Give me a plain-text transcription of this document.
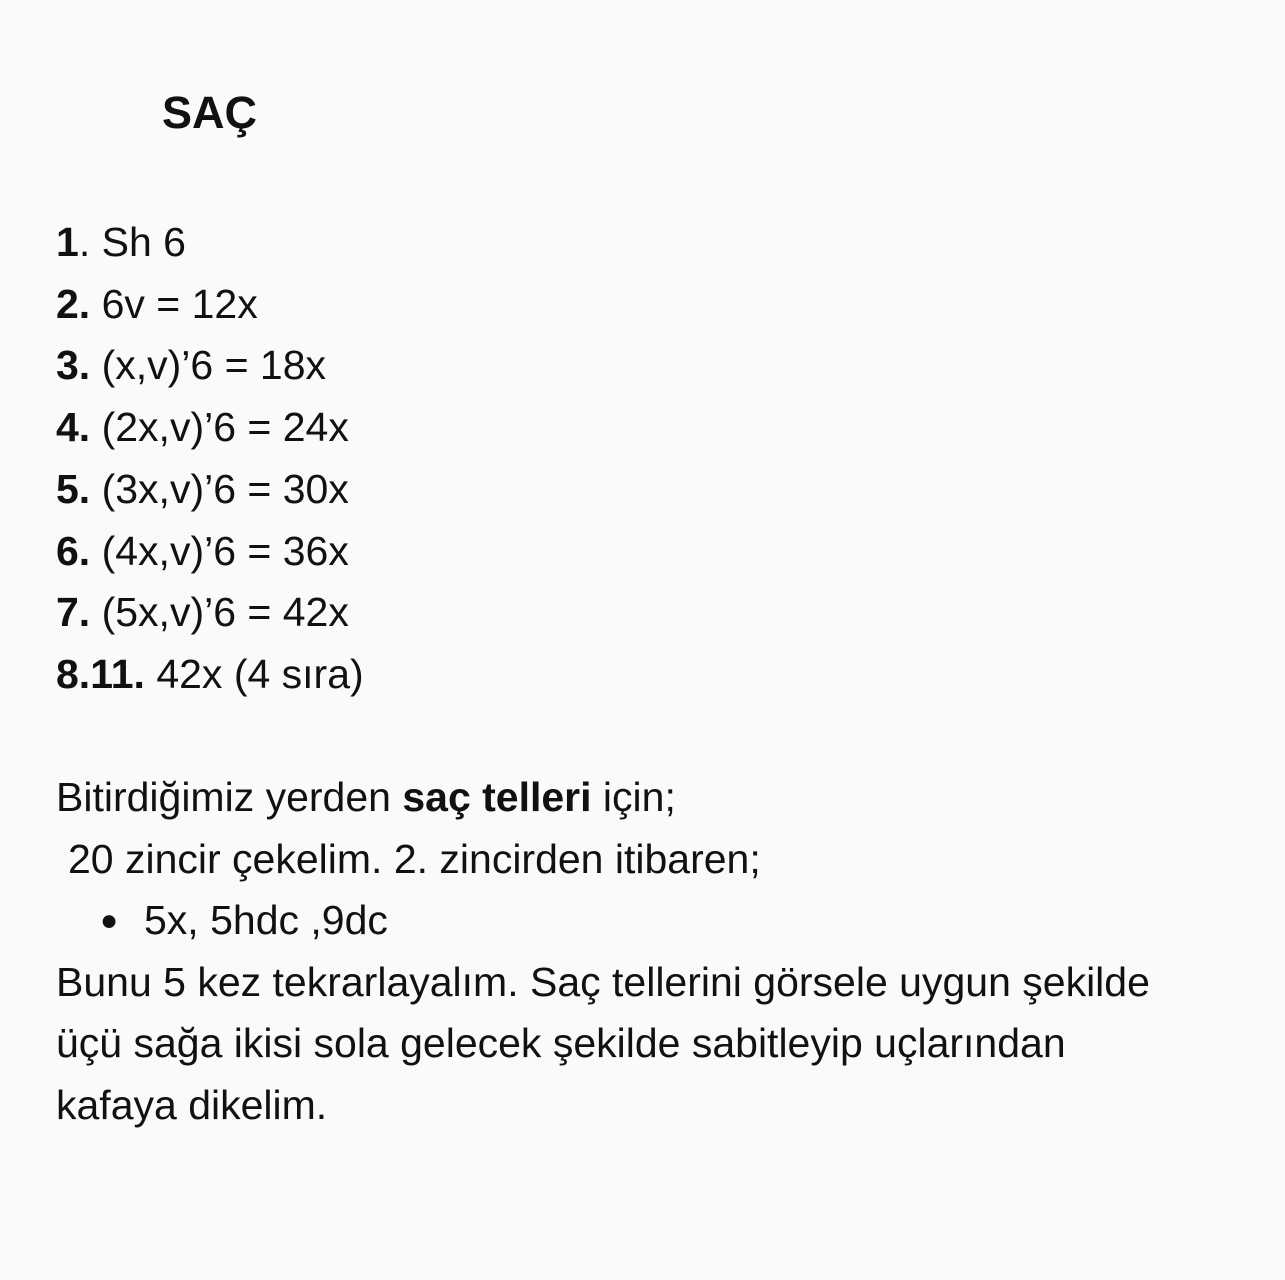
SAÇ
1. Sh 6
2. 6v = 12x
3. (x,v)’6 = 18x
4. (2x,v)’6 = 24x
5. (3x,v)’6 = 30x
6. (4x,v)’6 = 36x
7. (5x,v)’6 = 42x
8.11. 42x (4 sıra)
Bitirdiğimiz yerden saç telleri için;
20 zincir çekelim. 2. zincirden itibaren;
● 5x, 5hdc ,9dc
Bunu 5 kez tekrarlayalım. Saç tellerini görsele uygun şekilde
üçü sağa ikisi sola gelecek şekilde sabitleyip uçlarından
kafaya dikelim.
